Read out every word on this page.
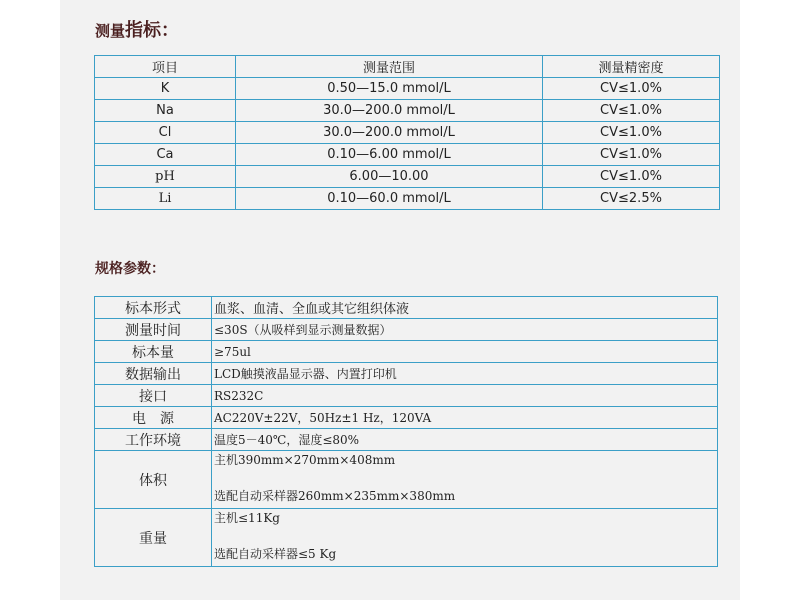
测量指标：
项目	测量范围	测量精密度
K	0.50—15.0 mmol/L	CV≤1.0%
Na	30.0—200.0 mmol/L	CV≤1.0%
Cl	30.0—200.0 mmol/L	CV≤1.0%
Ca	0.10—6.00 mmol/L	CV≤1.0%
pH	6.00—10.00	CV≤1.0%
Li	0.10—60.0 mmol/L	CV≤2.5%
规格参数：
标本形式	血浆、血清、全血或其它组织体液
测量时间	≤30S（从吸样到显示测量数据）
标本量	≥75ul
数据输出	LCD触摸液晶显示器、内置打印机
接口	RS232C
电　源	AC220V±22V，50Hz±1 Hz，120VA
工作环境	温度5－40℃，湿度≤80%
体积	主机390mm×270mm×408mm
选配自动采样器260mm×235mm×380mm

重量	主机≤11Kg
选配自动采样器≤5 Kg
